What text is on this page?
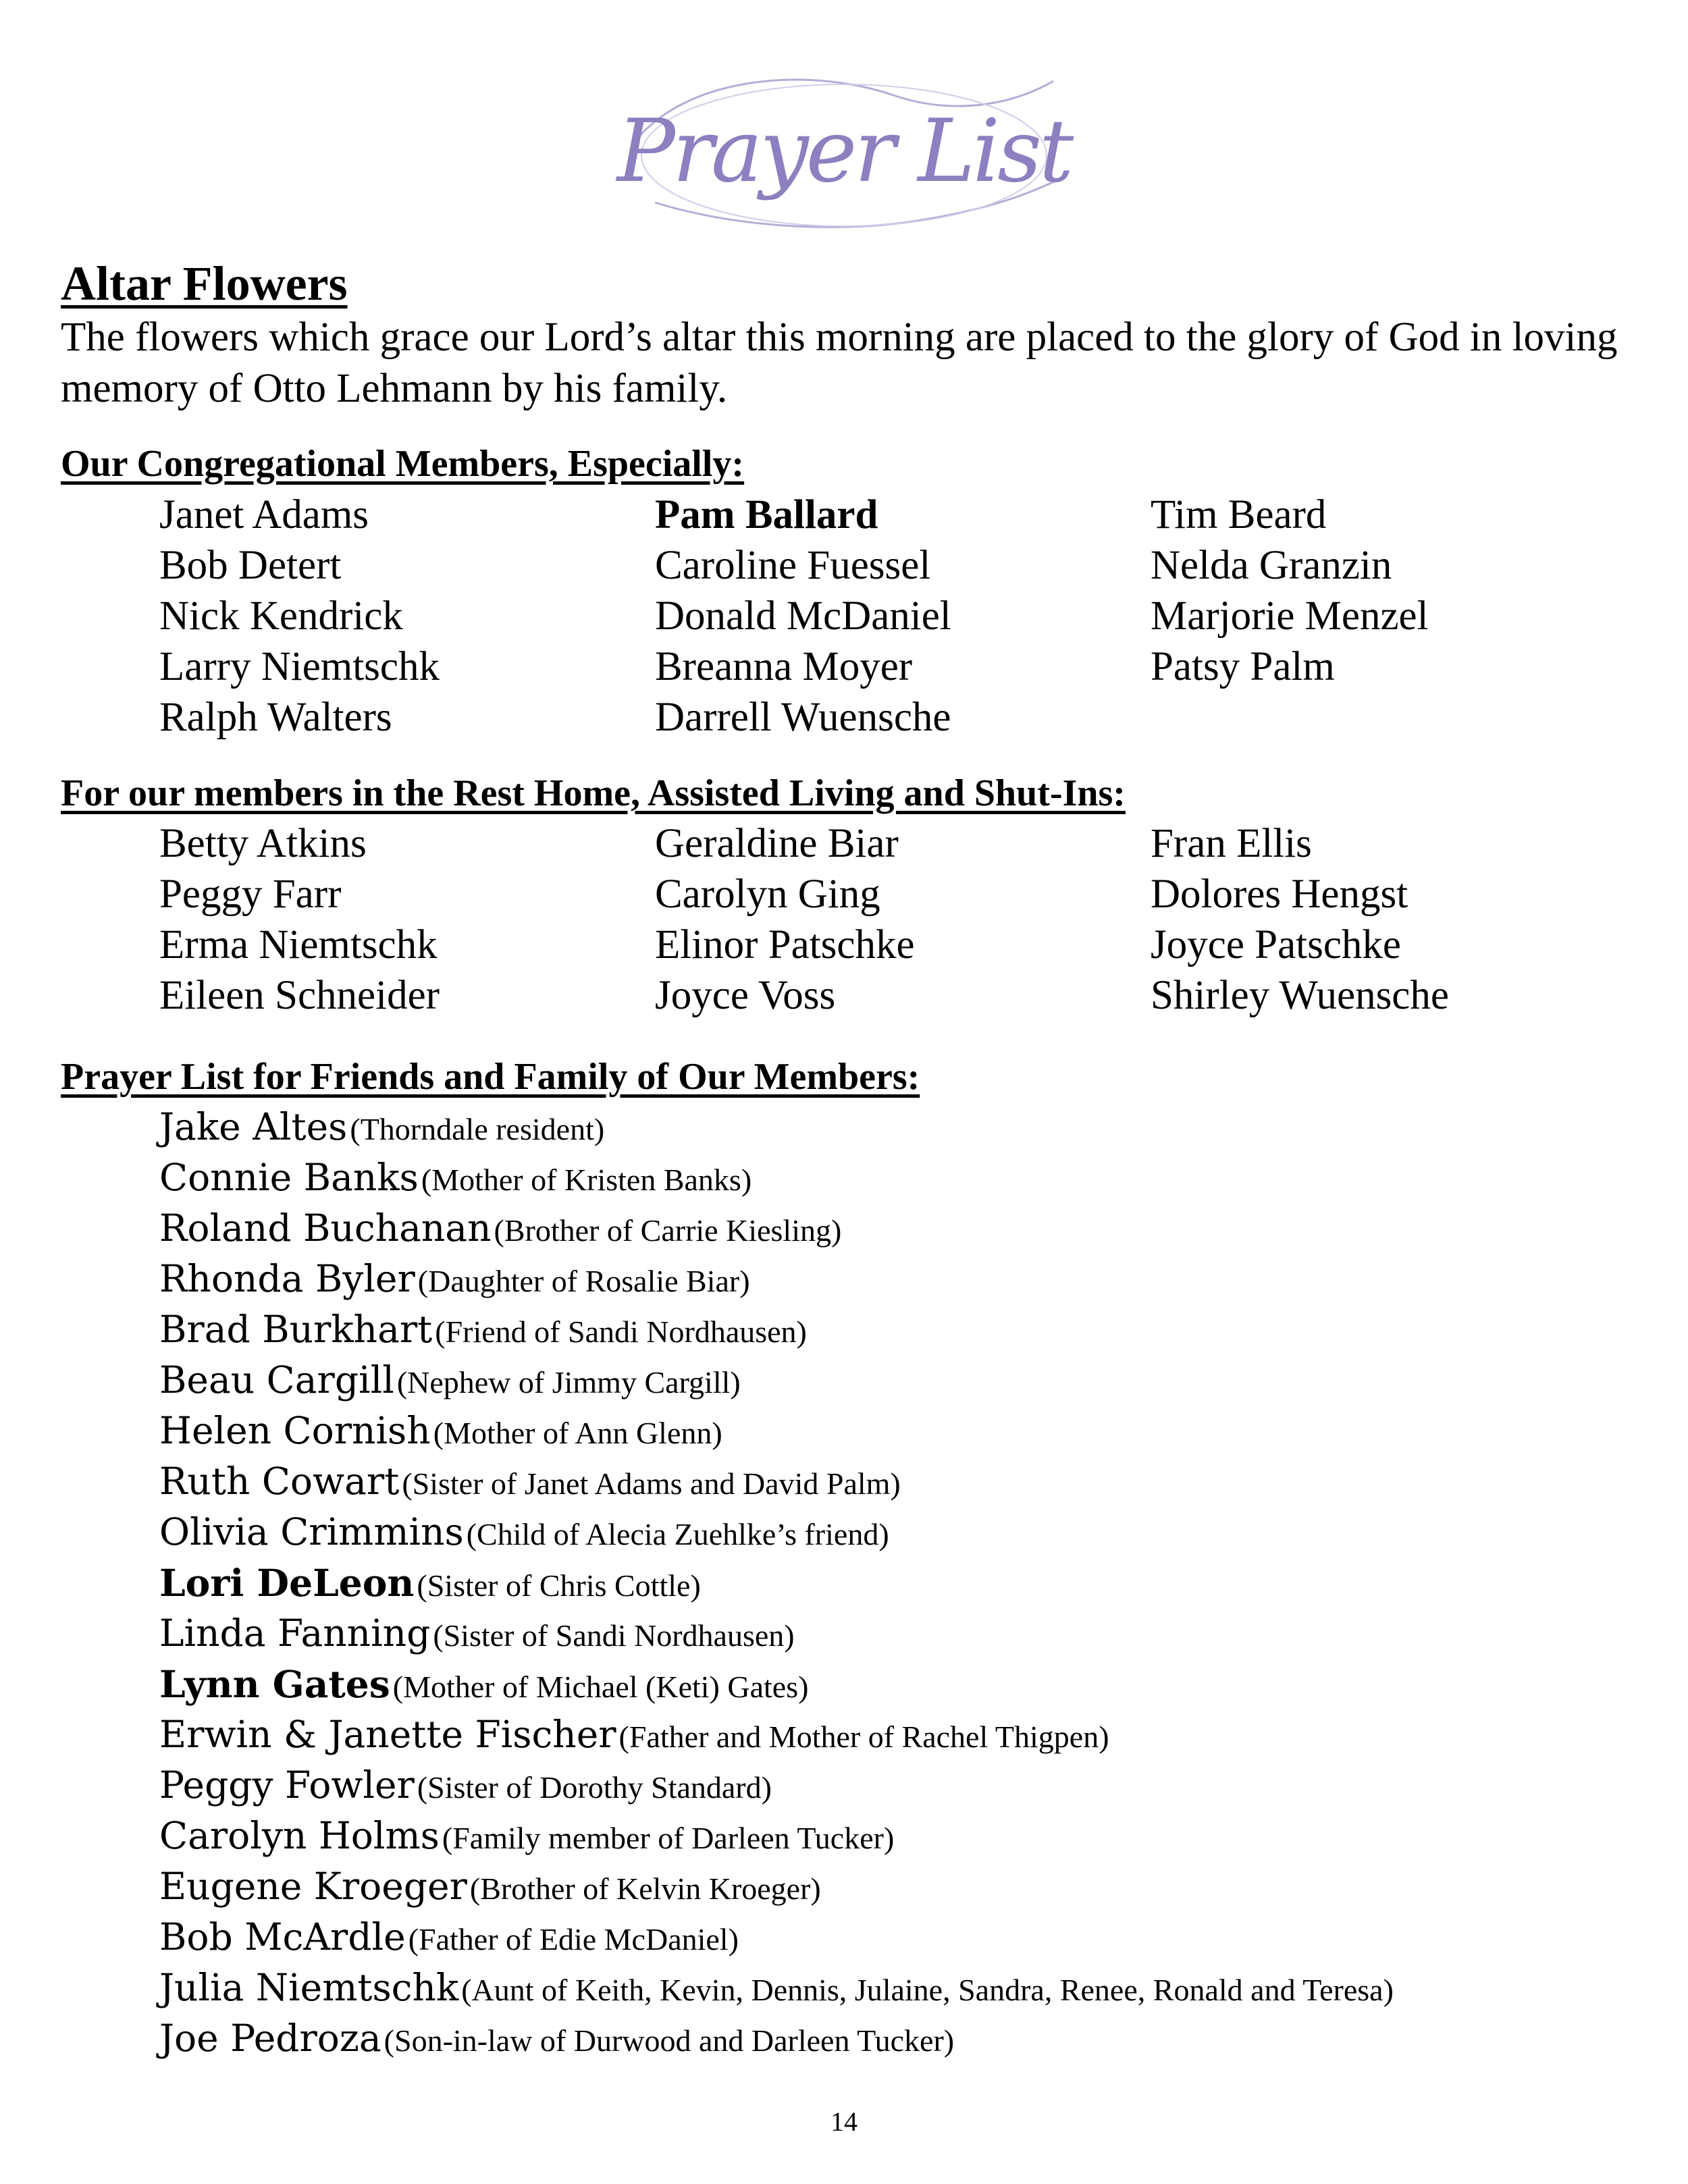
Prayer List
Altar Flowers

The flowers which grace our Lord’s altar this morning are placed to the glory of God in loving memory of Otto Lehmann by his family.

Our Congregational Members, Especially:
Janet Adams	Pam Ballard	Tim Beard
Bob Detert	Caroline Fuessel	Nelda Granzin
Nick Kendrick	Donald McDaniel	Marjorie Menzel
Larry Niemtschk	Breanna Moyer	Patsy Palm
Ralph Walters	Darrell Wuensche
For our members in the Rest Home, Assisted Living and Shut-Ins:
Betty Atkins	Geraldine Biar	Fran Ellis
Peggy Farr	Carolyn Ging	Dolores Hengst
Erma Niemtschk	Elinor Patschke	Joyce Patschke
Eileen Schneider	Joyce Voss	Shirley Wuensche
Prayer List for Friends and Family of Our Members:
Jake Altes (Thorndale resident)
Connie Banks (Mother of Kristen Banks)
Roland Buchanan (Brother of Carrie Kiesling)
Rhonda Byler (Daughter of Rosalie Biar)
Brad Burkhart (Friend of Sandi Nordhausen)
Beau Cargill (Nephew of Jimmy Cargill)
Helen Cornish (Mother of Ann Glenn)
Ruth Cowart (Sister of Janet Adams and David Palm)
Olivia Crimmins (Child of Alecia Zuehlke’s friend)
Lori DeLeon (Sister of Chris Cottle)
Linda Fanning (Sister of Sandi Nordhausen)
Lynn Gates (Mother of Michael (Keti) Gates)
Erwin & Janette Fischer (Father and Mother of Rachel Thigpen)
Peggy Fowler (Sister of Dorothy Standard)
Carolyn Holms (Family member of Darleen Tucker)
Eugene Kroeger (Brother of Kelvin Kroeger)
Bob McArdle (Father of Edie McDaniel)
Julia Niemtschk (Aunt of Keith, Kevin, Dennis, Julaine, Sandra, Renee, Ronald and Teresa)
Joe Pedroza (Son-in-law of Durwood and Darleen Tucker)
14
